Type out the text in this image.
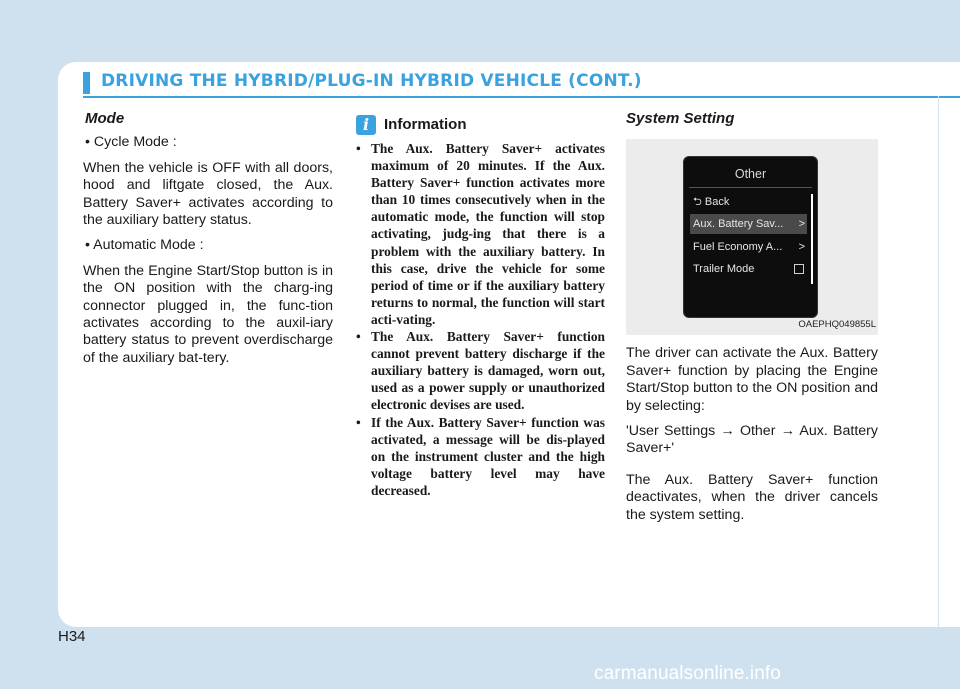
DRIVING THE HYBRID/PLUG-IN HYBRID VEHICLE (CONT.)
Mode
• Cycle Mode :
When the vehicle is OFF with all doors, hood and liftgate closed, the Aux. Battery Saver+ activates according to the auxiliary battery status.
• Automatic Mode :
When the Engine Start/Stop button is in the ON position with the charg-ing connector plugged in, the func-tion activates according to the auxil-iary battery status to prevent overdischarge of the auxiliary bat-tery.
i Information
• The Aux. Battery Saver+ activates maximum of 20 minutes. If the Aux. Battery Saver+ function activates more than 10 times consecutively when in the automatic mode, the function will stop activating, judg-ing that there is a problem with the auxiliary battery. In this case, drive the vehicle for some period of time or if the auxiliary battery returns to normal, the function will start acti-vating.
• The Aux. Battery Saver+ function cannot prevent battery discharge if the auxiliary battery is damaged, worn out, used as a power supply or unauthorized electronic devises are used.
• If the Aux. Battery Saver+ function was activated, a message will be dis-played on the instrument cluster and the high voltage battery level may have decreased.
System Setting
Other
⮌ Back
Aux. Battery Sav... >
Fuel Economy A... >
Trailer Mode
OAEPHQ049855L
The driver can activate the Aux. Battery Saver+ function by placing the Engine Start/Stop button to the ON position and by selecting:
'User Settings → Other → Aux. Battery Saver+'
The Aux. Battery Saver+ function deactivates, when the driver cancels the system setting.
H34
carmanualsonline.info
